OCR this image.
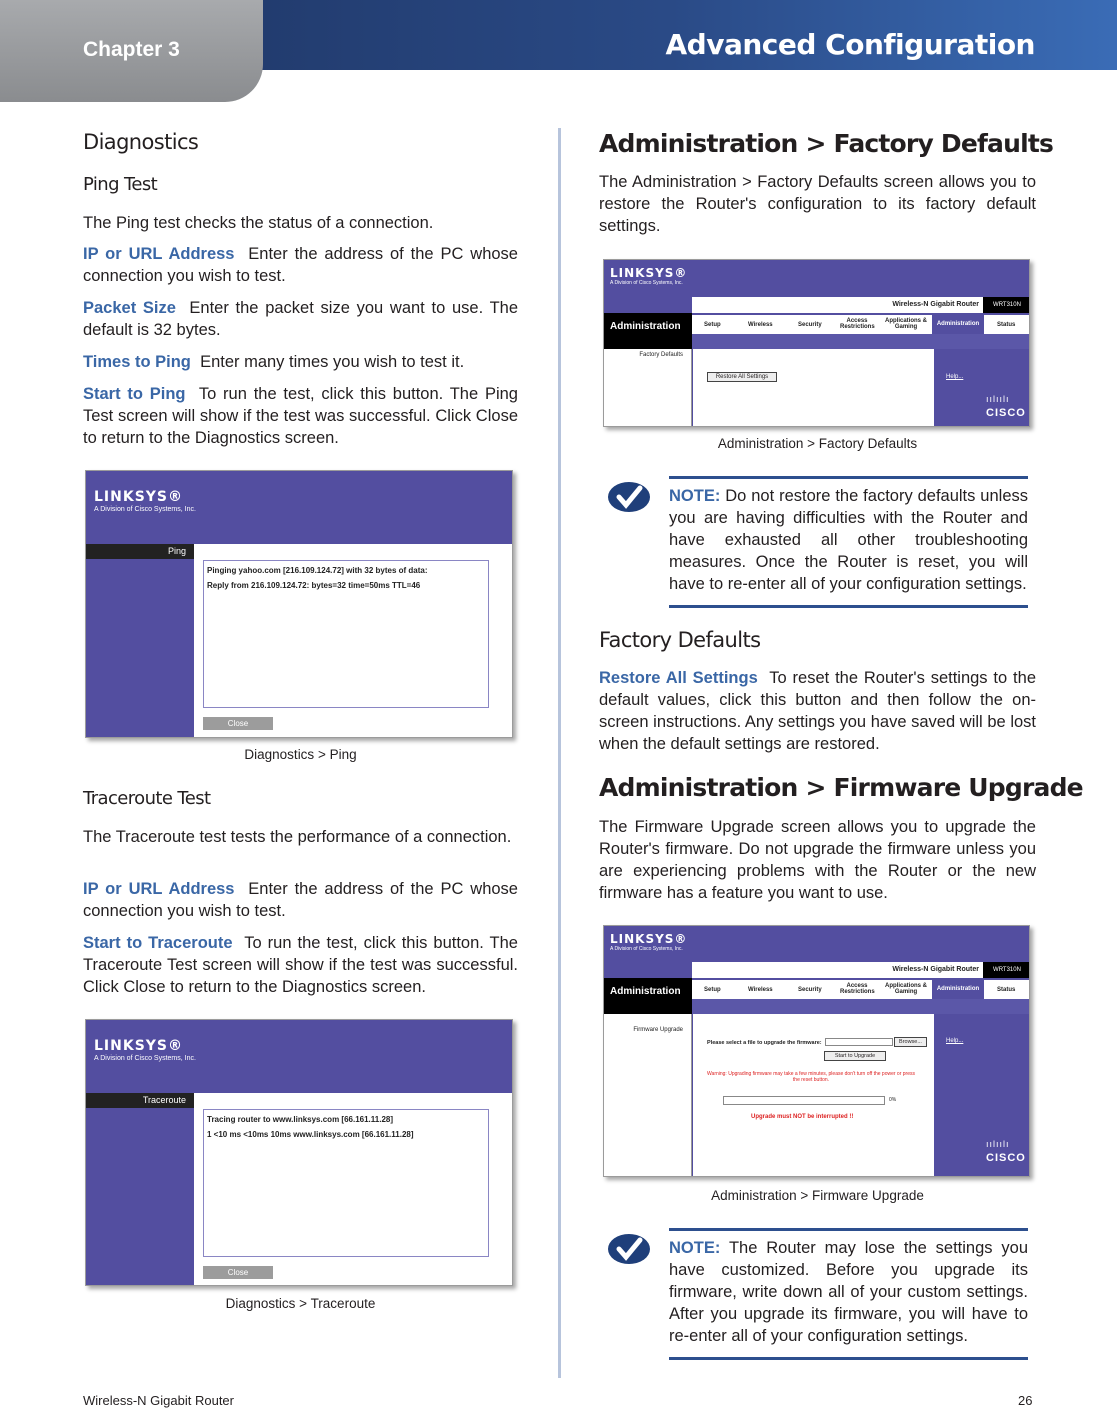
Chapter 3	Advanced Configuration
Diagnostics
Ping Test
The Ping test checks the status of a connection.
IP or URL Address Enter the address of the PC whose connection you wish to test.
Packet Size Enter the packet size you want to use. The default is 32 bytes.
Times to Ping Enter many times you wish to test it.
Start to Ping To run the test, click this button. The Ping Test screen will show if the test was successful. Click Close to return to the Diagnostics screen.
LINKSYS®
A Division of Cisco Systems, Inc.
Ping
Pinging yahoo.com [216.109.124.72] with 32 bytes of data:
Reply from 216.109.124.72: bytes=32 time=50ms TTL=46
Close
Diagnostics > Ping
Traceroute Test
The Traceroute test tests the performance of a connection.
IP or URL Address Enter the address of the PC whose connection you wish to test.
Start to Traceroute To run the test, click this button. The Traceroute Test screen will show if the test was successful. Click Close to return to the Diagnostics screen.
LINKSYS®
A Division of Cisco Systems, Inc.
Traceroute
Tracing router to www.linksys.com [66.161.11.28]
1 <10 ms <10ms 10ms www.linksys.com [66.161.11.28]
Close
Diagnostics > Traceroute
Administration > Factory Defaults
The Administration > Factory Defaults screen allows you to restore the Router's configuration to its factory default settings.
LINKSYS®
A Division of Cisco Systems, Inc.
Wireless-N Gigabit Router	WRT310N
Administration	Setup	Wireless	Security
Access Restrictions
Applications & Gaming	Administration	Status
Factory Defaults
Restore All Settings	Help...
ıılıılı
CISCO
Administration > Factory Defaults
NOTE: Do not restore the factory defaults unless you are having difficulties with the Router and have exhausted all other troubleshooting measures. Once the Router is reset, you will have to re-enter all of your configuration settings.
Factory Defaults
Restore All Settings To reset the Router's settings to the default values, click this button and then follow the on-screen instructions. Any settings you have saved will be lost when the default settings are restored.
Administration > Firmware Upgrade
The Firmware Upgrade screen allows you to upgrade the Router's firmware. Do not upgrade the firmware unless you are experiencing problems with the Router or the new firmware has a feature you want to use.
LINKSYS®
A Division of Cisco Systems, Inc.
Wireless-N Gigabit Router	WRT310N
Administration	Setup	Wireless	Security
Access Restrictions
Applications & Gaming	Administration	Status
Firmware Upgrade
Please select a file to upgrade the firmware:	Browse...
Start to Upgrade
Warning: Upgrading firmware may take a few minutes, please don't turn off the power or press the reset button.
0%
Upgrade must NOT be interrupted !!
Help...
ıılıılı
CISCO
Administration > Firmware Upgrade
NOTE: The Router may lose the settings you have customized. Before you upgrade its firmware, write down all of your custom settings. After you upgrade its firmware, you will have to re-enter all of your configuration settings.
Wireless-N Gigabit Router	26
